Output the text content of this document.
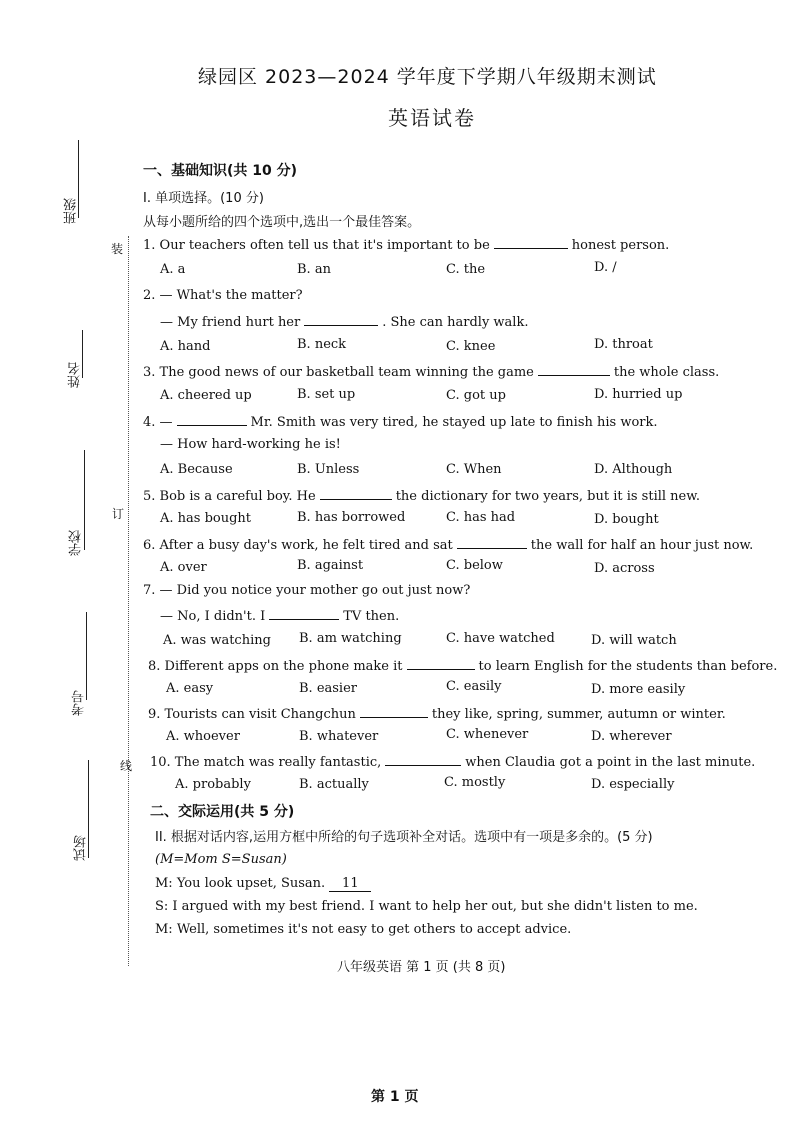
绿园区 2023—2024 学年度下学期八年级期末测试
英语试卷
班级
姓名
学校
考号
试场
装
订
线
一、基础知识(共 10 分)
I. 单项选择。(10 分)
从每小题所给的四个选项中,选出一个最佳答案。
1. Our teachers often tell us that it's important to be	honest person.
A. a	B. an	C. the	D. /
2. — What's the matter?
— My friend hurt her	. She can hardly walk.
A. hand	B. neck	C. knee	D. throat
3. The good news of our basketball team winning the game	the whole class.
A. cheered up	B. set up	C. got up	D. hurried up
4. —	Mr. Smith was very tired, he stayed up late to finish his work.
— How hard-working he is!
A. Because	B. Unless	C. When	D. Although
5. Bob is a careful boy. He	the dictionary for two years, but it is still new.
A. has bought	B. has borrowed	C. has had	D. bought
6. After a busy day's work, he felt tired and sat	the wall for half an hour just now.
A. over	B. against	C. below	D. across
7. — Did you notice your mother go out just now?
— No, I didn't. I	TV then.
A. was watching B. am watching	C. have watched	D. will watch
8. Different apps on the phone make it	to learn English for the students than before.
A. easy	B. easier	C. easily	D. more easily
9. Tourists can visit Changchun	they like, spring, summer, autumn or winter.
A. whoever	B. whatever	C. whenever	D. wherever
10. The match was really fantastic,	when Claudia got a point in the last minute.
A. probably	B. actually	C. mostly	D. especially
二、交际运用(共 5 分)
II. 根据对话内容,运用方框中所给的句子选项补全对话。选项中有一项是多余的。(5 分)
(M=Mom S=Susan)
M: You look upset, Susan. 11
S: I argued with my best friend. I want to help her out, but she didn't listen to me.
M: Well, sometimes it's not easy to get others to accept advice.
八年级英语 第 1 页 (共 8 页)
第 1 页
